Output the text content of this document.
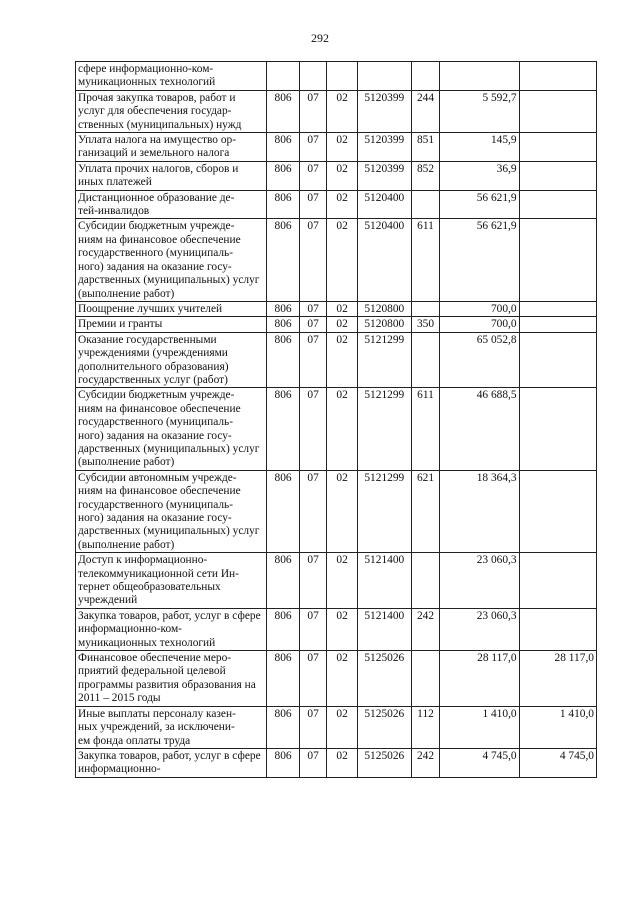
292
сфере информационно-ком-
муникационных технологий							
Прочая закупка товаров, работ и услуг для обеспечения государ-
ственных (муниципальных) нужд	806	07	02	5120399	244	5 592,7	
Уплата налога на имущество ор-
ганизаций и земельного налога	806	07	02	5120399	851	145,9	
Уплата прочих налогов, сборов и иных платежей	806	07	02	5120399	852	36,9	
Дистанционное образование де-
тей-инвалидов	806	07	02	5120400		56 621,9	
Субсидии бюджетным учрежде-
ниям на финансовое обеспечение государственного (муниципаль-
ного) задания на оказание госу-
дарственных (муниципальных) услуг (выполнение работ)	806	07	02	5120400	611	56 621,9	
Поощрение лучших учителей	806	07	02	5120800		700,0	
Премии и гранты	806	07	02	5120800	350	700,0	
Оказание государственными учреждениями (учреждениями дополнительного образования) государственных услуг (работ)	806	07	02	5121299		65 052,8	
Субсидии бюджетным учрежде-
ниям на финансовое обеспечение государственного (муниципаль-
ного) задания на оказание госу-
дарственных (муниципальных) услуг (выполнение работ)	806	07	02	5121299	611	46 688,5	
Субсидии автономным учрежде-
ниям на финансовое обеспечение государственного (муниципаль-
ного) задания на оказание госу-
дарственных (муниципальных) услуг (выполнение работ)	806	07	02	5121299	621	18 364,3	
Доступ к информационно-
телекоммуникационной сети Ин-
тернет общеобразовательных учреждений	806	07	02	5121400		23 060,3	
Закупка товаров, работ, услуг в сфере информационно-ком-
муникационных технологий	806	07	02	5121400	242	23 060,3	
Финансовое обеспечение меро-
приятий федеральной целевой программы развития образования на 2011 – 2015 годы	806	07	02	5125026		28 117,0	28 117,0
Иные выплаты персоналу казен-
ных учреждений, за исключени-
ем фонда оплаты труда	806	07	02	5125026	112	1 410,0	1 410,0
Закупка товаров, работ, услуг в сфере информационно-	806	07	02	5125026	242	4 745,0	4 745,0
